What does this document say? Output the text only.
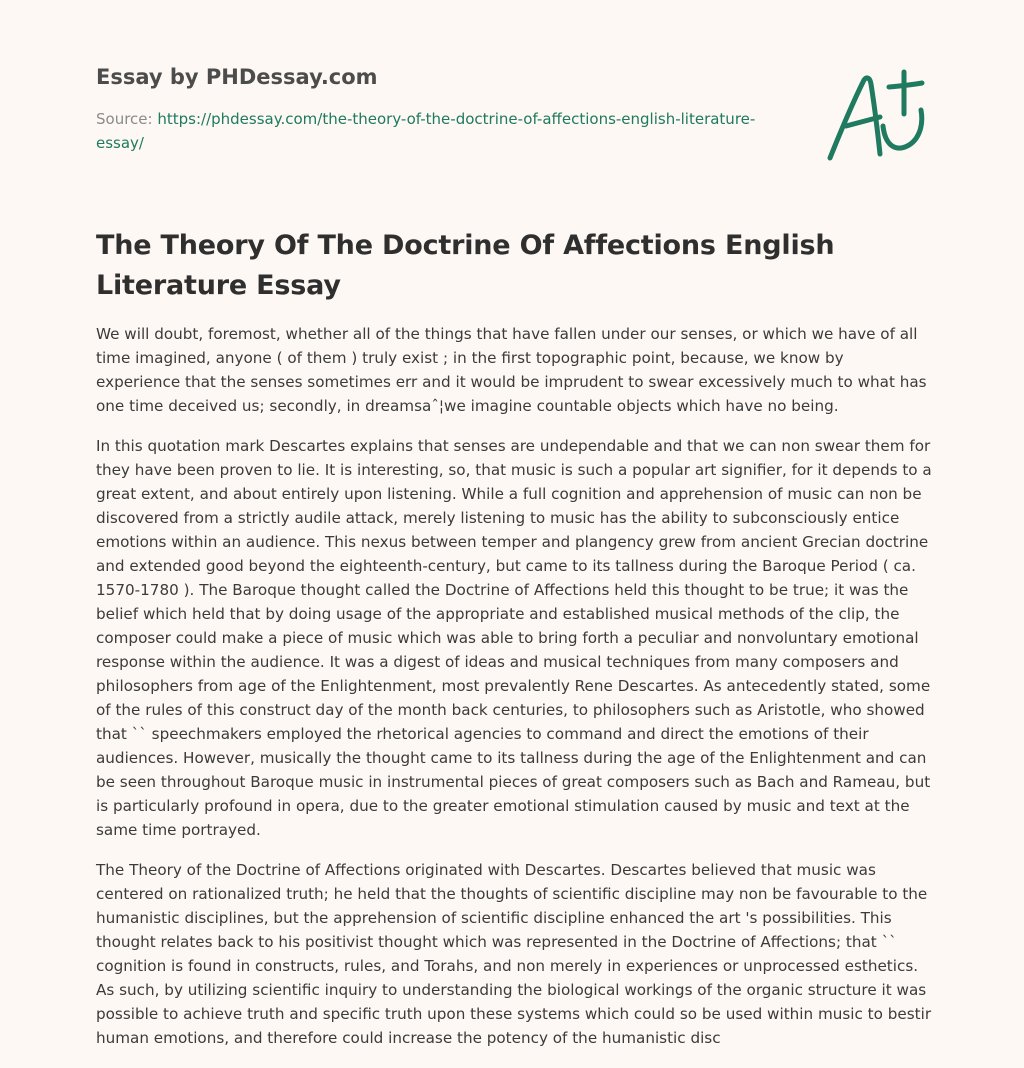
Essay by PHDessay.com
Source: https://phdessay.com/the-theory-of-the-doctrine-of-affections-english-literature-essay/
The Theory Of The Doctrine Of Affections English Literature Essay

We will doubt, foremost, whether all of the things that have fallen under our senses, or which we have of all time imagined, anyone ( of them ) truly exist ; in the first topographic point, because, we know by experience that the senses sometimes err and it would be imprudent to swear excessively much to what has one time deceived us; secondly, in dreamsaˆ¦we imagine countable objects which have no being.

In this quotation mark Descartes explains that senses are undependable and that we can non swear them for they have been proven to lie. It is interesting, so, that music is such a popular art signifier, for it depends to a great extent, and about entirely upon listening. While a full cognition and apprehension of music can non be discovered from a strictly audile attack, merely listening to music has the ability to subconsciously entice emotions within an audience. This nexus between temper and plangency grew from ancient Grecian doctrine and extended good beyond the eighteenth-century, but came to its tallness during the Baroque Period ( ca. 1570-1780 ). The Baroque thought called the Doctrine of Affections held this thought to be true; it was the belief which held that by doing usage of the appropriate and established musical methods of the clip, the composer could make a piece of music which was able to bring forth a peculiar and nonvoluntary emotional response within the audience. It was a digest of ideas and musical techniques from many composers and philosophers from age of the Enlightenment, most prevalently Rene Descartes. As antecedently stated, some of the rules of this construct day of the month back centuries, to philosophers such as Aristotle, who showed that `` speechmakers employed the rhetorical agencies to command and direct the emotions of their audiences. However, musically the thought came to its tallness during the age of the Enlightenment and can be seen throughout Baroque music in instrumental pieces of great composers such as Bach and Rameau, but is particularly profound in opera, due to the greater emotional stimulation caused by music and text at the same time portrayed.

The Theory of the Doctrine of Affections originated with Descartes. Descartes believed that music was centered on rationalized truth; he held that the thoughts of scientific discipline may non be favourable to the humanistic disciplines, but the apprehension of scientific discipline enhanced the art 's possibilities. This thought relates back to his positivist thought which was represented in the Doctrine of Affections; that `` cognition is found in constructs, rules, and Torahs, and non merely in experiences or unprocessed esthetics. As such, by utilizing scientific inquiry to understanding the biological workings of the organic structure it was possible to achieve truth and specific truth upon these systems which could so be used within music to bestir human emotions, and therefore could increase the potency of the humanistic disc
